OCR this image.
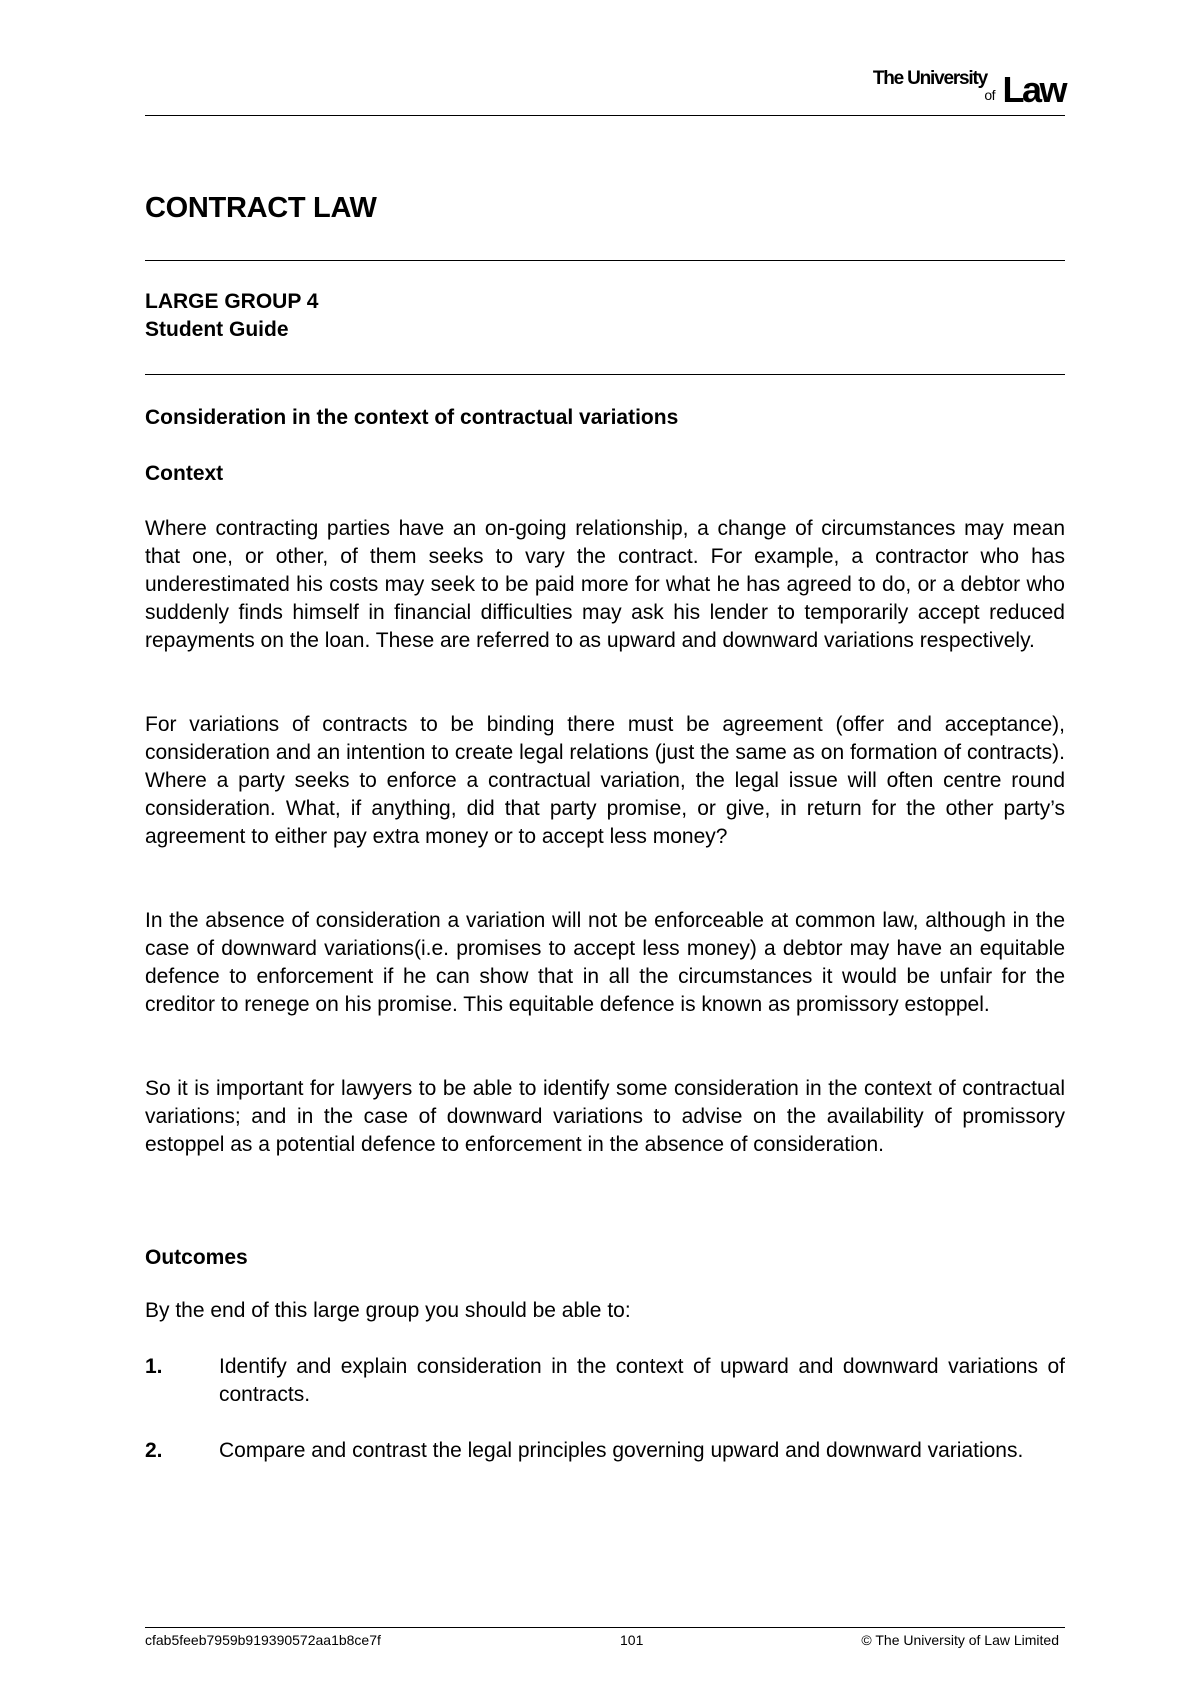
The University
of Law
CONTRACT LAW
LARGE GROUP 4
Student Guide
Consideration in the context of contractual variations
Context

Where contracting parties have an on-going relationship, a change of circumstances may mean that one, or other, of them seeks to vary the contract. For example, a contractor who has underestimated his costs may seek to be paid more for what he has agreed to do, or a debtor who suddenly finds himself in financial difficulties may ask his lender to temporarily accept reduced repayments on the loan. These are referred to as upward and downward variations respectively.

For variations of contracts to be binding there must be agreement (offer and acceptance), consideration and an intention to create legal relations (just the same as on formation of contracts). Where a party seeks to enforce a contractual variation, the legal issue will often centre round consideration. What, if anything, did that party promise, or give, in return for the other party’s agreement to either pay extra money or to accept less money?

In the absence of consideration a variation will not be enforceable at common law, although in the case of downward variations(i.e. promises to accept less money) a debtor may have an equitable defence to enforcement if he can show that in all the circumstances it would be unfair for the creditor to renege on his promise. This equitable defence is known as promissory estoppel.

So it is important for lawyers to be able to identify some consideration in the context of contractual variations; and in the case of downward variations to advise on the availability of promissory estoppel as a potential defence to enforcement in the absence of consideration.

Outcomes

By the end of this large group you should be able to:

1.	Identify and explain consideration in the context of upward and downward variations of contracts.

2.	Compare and contrast the legal principles governing upward and downward variations.

cfab5feeb7959b919390572aa1b8ce7f	101	© The University of Law Limited
